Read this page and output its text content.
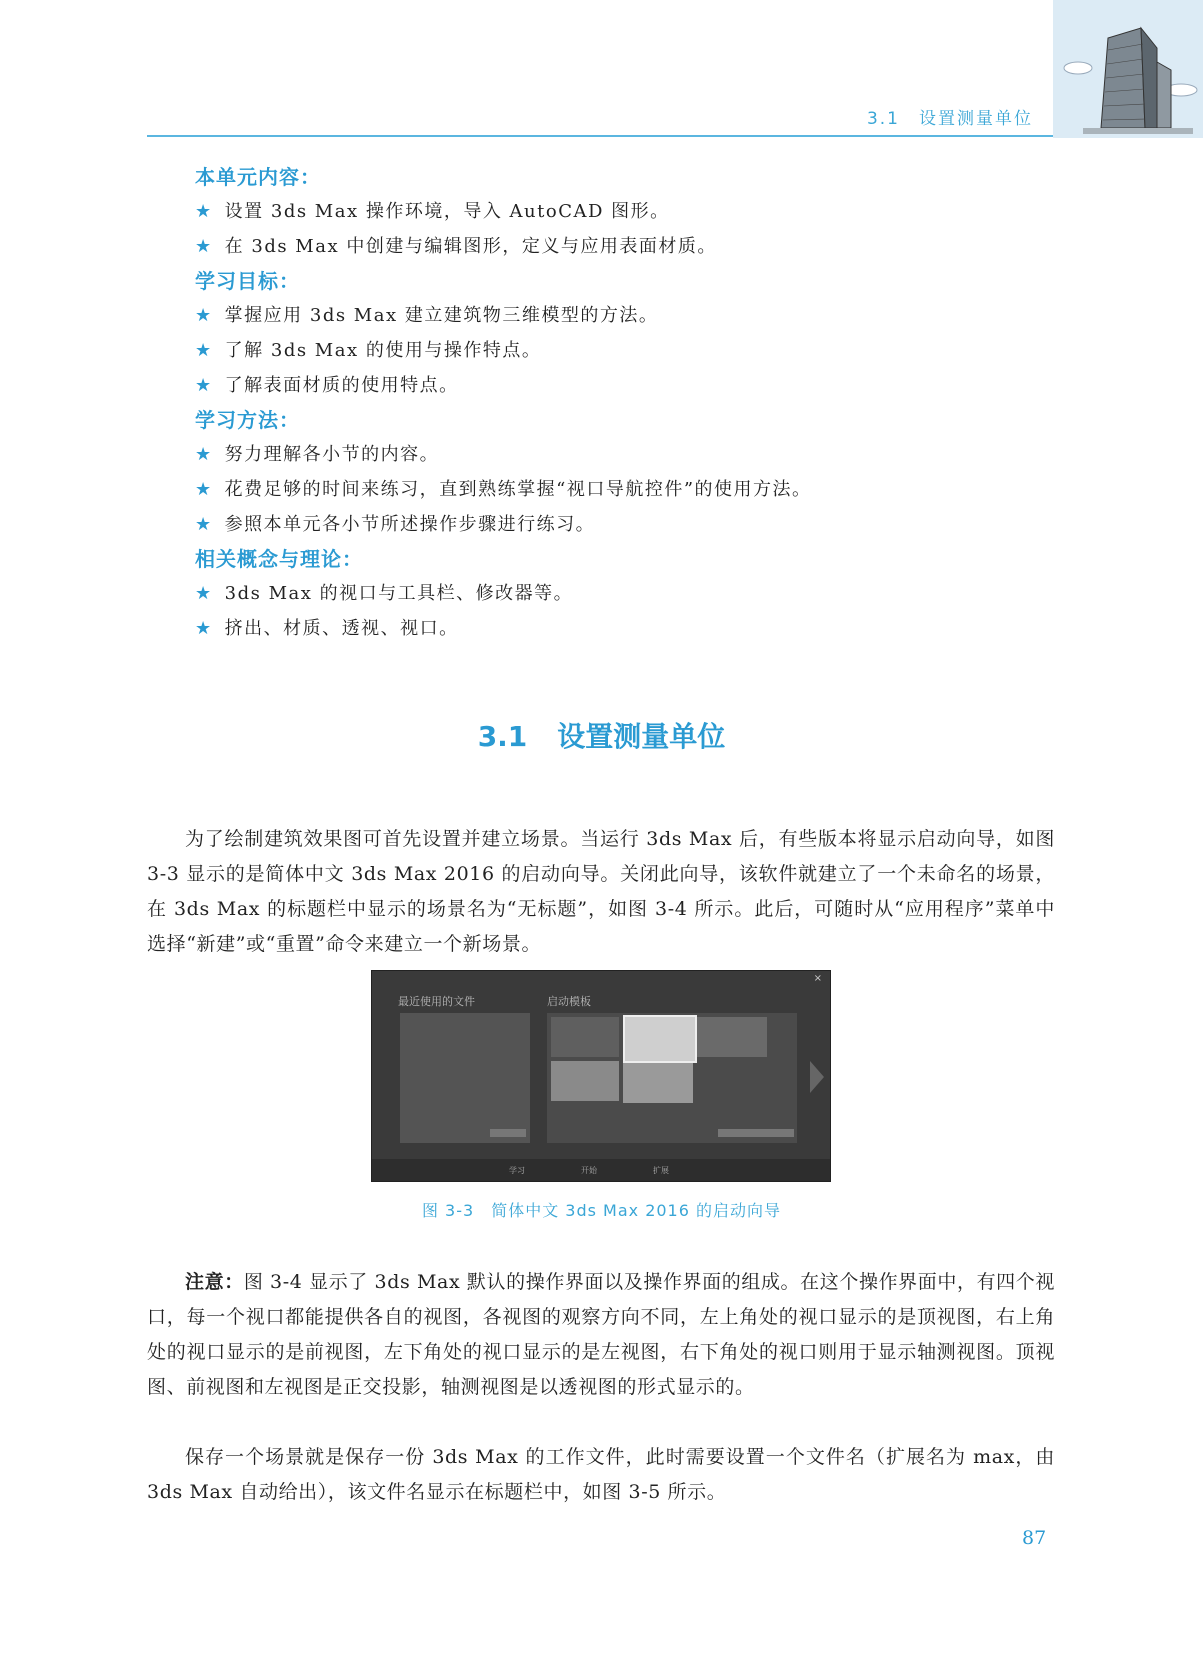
3.1　设置测量单位
本单元内容：
★ 设置 3ds Max 操作环境，导入 AutoCAD 图形。
★ 在 3ds Max 中创建与编辑图形，定义与应用表面材质。
学习目标：
★ 掌握应用 3ds Max 建立建筑物三维模型的方法。
★ 了解 3ds Max 的使用与操作特点。
★ 了解表面材质的使用特点。
学习方法：
★ 努力理解各小节的内容。
★ 花费足够的时间来练习，直到熟练掌握“视口导航控件”的使用方法。
★ 参照本单元各小节所述操作步骤进行练习。
相关概念与理论：
★ 3ds Max 的视口与工具栏、修改器等。
★ 挤出、材质、透视、视口。
3.1 设置测量单位

为了绘制建筑效果图可首先设置并建立场景。当运行 3ds Max 后，有些版本将显示启动向导，如图 3-3 显示的是简体中文 3ds Max 2016 的启动向导。关闭此向导，该软件就建立了一个未命名的场景，在 3ds Max 的标题栏中显示的场景名为“无标题”，如图 3-4 所示。此后，可随时从“应用程序”菜单中选择“新建”或“重置”命令来建立一个新场景。

×
最近使用的文件	启动模板
学习	开始	扩展
图 3-3　简体中文 3ds Max 2016 的启动向导

注意：图 3-4 显示了 3ds Max 默认的操作界面以及操作界面的组成。在这个操作界面中，有四个视口，每一个视口都能提供各自的视图，各视图的观察方向不同，左上角处的视口显示的是顶视图，右上角处的视口显示的是前视图，左下角处的视口显示的是左视图，右下角处的视口则用于显示轴测视图。顶视图、前视图和左视图是正交投影，轴测视图是以透视图的形式显示的。

保存一个场景就是保存一份 3ds Max 的工作文件，此时需要设置一个文件名（扩展名为 max，由 3ds Max 自动给出），该文件名显示在标题栏中，如图 3-5 所示。

87
